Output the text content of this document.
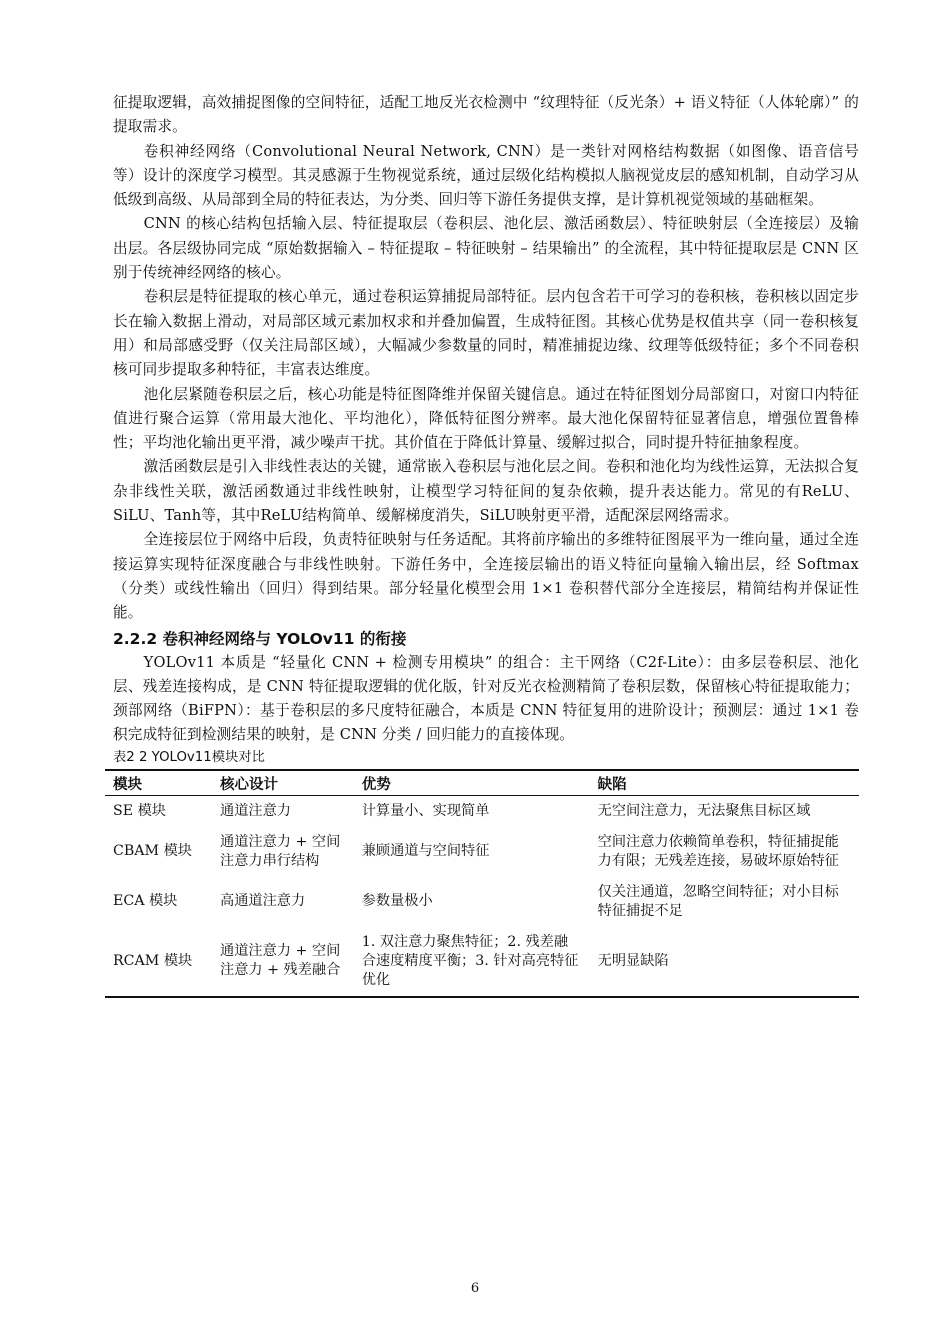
征提取逻辑，高效捕捉图像的空间特征，适配工地反光衣检测中 “纹理特征（反光条）+ 语义特征（人体轮廓）” 的提取需求。

卷积神经网络（Convolutional Neural Network, CNN）是一类针对网格结构数据（如图像、语音信号等）设计的深度学习模型。其灵感源于生物视觉系统，通过层级化结构模拟人脑视觉皮层的感知机制，自动学习从低级到高级、从局部到全局的特征表达，为分类、回归等下游任务提供支撑，是计算机视觉领域的基础框架。

CNN 的核心结构包括输入层、特征提取层（卷积层、池化层、激活函数层）、特征映射层（全连接层）及输出层。各层级协同完成 “原始数据输入 – 特征提取 – 特征映射 – 结果输出” 的全流程，其中特征提取层是 CNN 区别于传统神经网络的核心。

卷积层是特征提取的核心单元，通过卷积运算捕捉局部特征。层内包含若干可学习的卷积核，卷积核以固定步长在输入数据上滑动，对局部区域元素加权求和并叠加偏置，生成特征图。其核心优势是权值共享（同一卷积核复用）和局部感受野（仅关注局部区域），大幅减少参数量的同时，精准捕捉边缘、纹理等低级特征；多个不同卷积核可同步提取多种特征，丰富表达维度。

池化层紧随卷积层之后，核心功能是特征图降维并保留关键信息。通过在特征图划分局部窗口，对窗口内特征值进行聚合运算（常用最大池化、平均池化），降低特征图分辨率。最大池化保留特征显著信息，增强位置鲁棒性；平均池化输出更平滑，减少噪声干扰。其价值在于降低计算量、缓解过拟合，同时提升特征抽象程度。

激活函数层是引入非线性表达的关键，通常嵌入卷积层与池化层之间。卷积和池化均为线性运算，无法拟合复杂非线性关联，激活函数通过非线性映射，让模型学习特征间的复杂依赖，提升表达能力。常见的有ReLU、SiLU、Tanh等，其中ReLU结构简单、缓解梯度消失，SiLU映射更平滑，适配深层网络需求。

全连接层位于网络中后段，负责特征映射与任务适配。其将前序输出的多维特征图展平为一维向量，通过全连接运算实现特征深度融合与非线性映射。下游任务中，全连接层输出的语义特征向量输入输出层，经 Softmax（分类）或线性输出（回归）得到结果。部分轻量化模型会用 1×1 卷积替代部分全连接层，精简结构并保证性能。

2.2.2 卷积神经网络与 YOLOv11 的衔接

YOLOv11 本质是 “轻量化 CNN + 检测专用模块” 的组合：主干网络（C2f-Lite）：由多层卷积层、池化层、残差连接构成，是 CNN 特征提取逻辑的优化版，针对反光衣检测精简了卷积层数，保留核心特征提取能力；颈部网络（BiFPN）：基于卷积层的多尺度特征融合，本质是 CNN 特征复用的进阶设计；预测层：通过 1×1 卷积完成特征到检测结果的映射，是 CNN 分类 / 回归能力的直接体现。

表2 2 YOLOv11模块对比
模块	核心设计	优势	缺陷
SE 模块	通道注意力	计算量小、实现简单	无空间注意力，无法聚焦目标区域
CBAM 模块	通道注意力 + 空间注意力串行结构	兼顾通道与空间特征	空间注意力依赖简单卷积，特征捕捉能力有限；无残差连接，易破坏原始特征
ECA 模块	高通道注意力	参数量极小	仅关注通道，忽略空间特征；对小目标特征捕捉不足
RCAM 模块	通道注意力 + 空间注意力 + 残差融合	1. 双注意力聚焦特征；2. 残差融合速度精度平衡；3. 针对高亮特征优化	无明显缺陷
6
